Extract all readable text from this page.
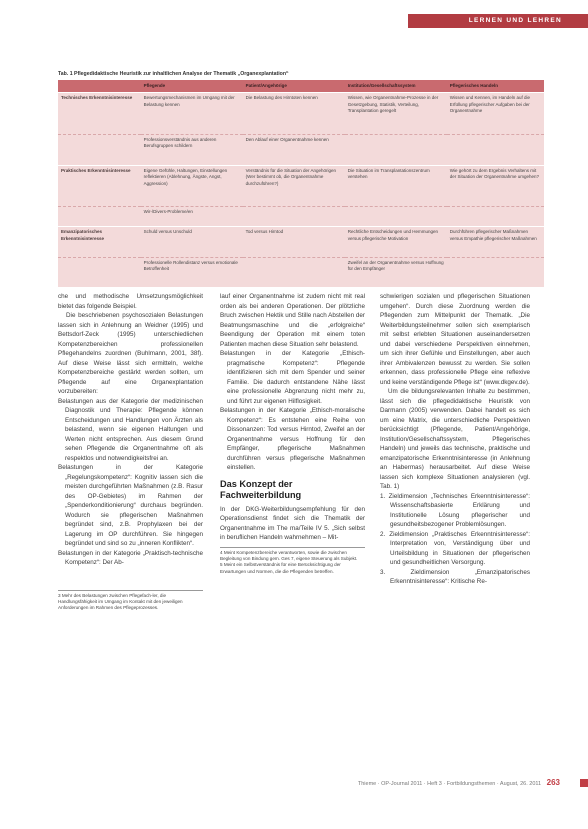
LERNEN UND LEHREN
Tab. 1 Pflegedidaktische Heuristik zur inhaltlichen Analyse der Thematik „Organexplantation“
	Pflegende	Patient/Angehörige	Institution/Gesellschaftssystem	Pflegerisches Handeln
Technisches Erkenntnisinteresse	Bewertungsmechanismen im Umgang mit der Belastung kennen	Die Belastung des Hirntoten kennen	Wissen, wie Organentnahme-Prozesse in der Gesetzgebung, Statistik, Verteilung, Transplantation geregelt	Wissen und Kennen, im Handeln auf die Erfüllung pflegerischer Aufgaben bei der Organentnahme
	Professionsverständnis aus anderen Berufsgruppen schildern	Den Ablauf einer Organentnahme kennen		
Praktisches Erkenntnisinteresse	Eigene Gefühle, Haltungen, Einstellungen reflektieren (Ablehnung, Ängste, Angst, Aggression)	Verständnis für die Situation der Angehörigen (Wer bestimmt ob, die Organentnahme durchzuführen?)	Die Situation im Transplantationszentrum verstehen	Wie gehört zu dem Ergebnis Verhaltens mit der Situation der Organentnahme umgehen?
	Wir-/Divers-Probleme/en			
Emanzipatorisches Erkenntnisinteresse	Schuld versus Unschuld	Tod versus Hirntod	Rechtliche Entscheidungen und Hemmungen versus pflegerische Motivation	Durchführen pflegerischer Maßnahmen versus Empathie pflegerischer Maßnahmen
	Professionelle Rollendistanz versus emotionale Betroffenheit		Zweifel an der Organentnahme versus Hoffnung für den Empfänger	

che und methodische Umsetzungsmöglichkeit bietet das folgende Beispiel.

Die beschriebenen psychosozialen Belastungen lassen sich in Anlehnung an Weidner (1995) und Bettsdorf-Zeck (1995) unterschiedlichen Kompetenzbereichen professionellen Pflegehandelns zuordnen (Buhlmann, 2001, 38f). Auf diese Weise lässt sich ermitteln, welche Kompetenzbereiche gestärkt werden sollten, um Pflegende auf eine Organexplantation vorzubereiten:

Belastungen aus der Kategorie der medizinischen Diagnostik und Therapie: Pflegende können Entscheidungen und Handlungen von Ärzten als belastend, wenn sie eigenen Haltungen und Werten nicht entsprechen. Aus diesem Grund sehen Pflegende die Organentnahme oft als respektlos und notwendigkeitsfrei an.

Belastungen in der Kategorie „Regelungskompetenz“: Kognitiv lassen sich die meisten durchgeführten Maßnahmen (z.B. Rasur des OP-Gebietes) im Rahmen der „Spenderkonditionierung“ durchaus begründen. Wodurch sie pflegerischen Maßnahmen begründet sind, z.B. Prophylaxen bei der Lagerung im OP durchführen. Sie hingegen begründet und sind so zu „inneren Konflikten“.

Belastungen in der Kategorie „Praktisch-technische Kompetenz“: Der Ab-

3 Mehr des Belastungen zwischen Pflegefach-ler, die Handlungsfähigkeit im Umgang im Kontakt mit den jeweiligen Anforderungen im Rahmen des Pflegeprozesses.

lauf einer Organentnahme ist zudem nicht mit real orden als bei anderen Operationen. Der plötzliche Bruch zwischen Hektik und Stille nach Abstellen der Beatmungsmaschine und die „erfolgreiche“ Beendigung der Operation mit einem toten Patienten machen diese Situation sehr belastend.

Belastungen in der Kategorie „Ethisch-pragmatische Kompetenz“: Pflegende identifizieren sich mit dem Spender und seiner Familie. Die dadurch entstandene Nähe lässt eine professionelle Abgrenzung nicht mehr zu, und führt zur eigenen Hilflosigkeit.

Belastungen in der Kategorie „Ethisch-moralische Kompetenz“: Es entstehen eine Reihe von Dissonanzen: Tod versus Hirntod, Zweifel an der Organentnahme versus Hoffnung für den Empfänger, pflegerische Maßnahmen durchführen versus pflegerische Maßnahmen einstellen.

Das Konzept der Fachweiterbildung

In der DKG-Weiterbildungsempfehlung für den Operationsdienst findet sich die Thematik der Organentnahme im The ma/Teile IV 5. „Sich selbst in beruflichen Handeln wahrnehmen – Mit-

4 Meint Kompetenzbereiche verantworten, sowie die zwischen Begleitung von Bindung gem. Ges 7, eigene Steuerung als Subjekt.
5 Meint ein Selbstverständnis für eine Berücksichtigung der Erwartungen und Normen, die die Pflegenden betreffen.

schwierigen sozialen und pflegerischen Situationen umgehen“. Durch diese Zuordnung werden die Pflegenden zum Mittelpunkt der Thematik. „Die Weiterbildungsteilnehmer sollen sich exemplarisch mit selbst erlebten Situationen auseinandersetzen und dabei verschiedene Perspektiven einnehmen, um sich ihrer Gefühle und Einstellungen, aber auch ihrer Ambivalenzen bewusst zu werden. Sie sollen erkennen, dass professionelle Pflege eine reflexive und keine verständigende Pflege ist“ (www.dkgev.de).

Um die bildungsrelevanten Inhalte zu bestimmen, lässt sich die pflegedidaktische Heuristik von Darmann (2005) verwenden. Dabei handelt es sich um eine Matrix, die unterschiedliche Perspektiven berücksichtigt (Pflegende, Patient/Angehörige, Institution/Gesellschaftssystem, Pflegerisches Handeln) und jeweils das technische, praktische und emanzipatorische Erkenntnisinteresse (in Anlehnung an Habermas) herausarbeitet. Auf diese Weise lassen sich komplexe Situationen analysieren (vgl. Tab. 1)

1. Zieldimension „Technisches Erkenntnisinteresse“: Wissenschaftsbasierte Erklärung und Institutionelle Lösung pflegerischer und gesundheitsbezogener Problemlösungen.

2. Zieldimension „Praktisches Erkenntnisinteresse“: Interpretation von, Verständigung über und Urteilsbildung in Situationen der pflegerischen und gesundheitlichen Versorgung.

3. Zieldimension „Emanzipatorisches Erkenntnisinteresse“: Kritische Re-

Thieme · OP-Journal 2011 · Heft 3 · Fortbildungsthemen · August, 26. 2011 263
